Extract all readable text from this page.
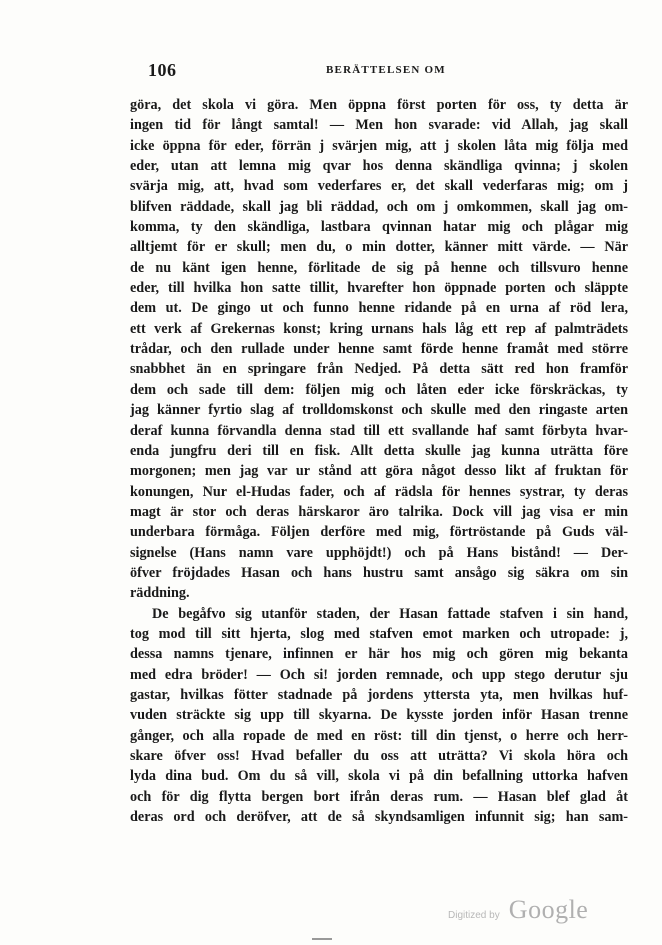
106	BERÄTTELSEN OM
göra, det skola vi göra. Men öppna först porten för oss, ty detta är
ingen tid för långt samtal! — Men hon svarade: vid Allah, jag skall
icke öppna för eder, förrän j svärjen mig, att j skolen låta mig följa med
eder, utan att lemna mig qvar hos denna skändliga qvinna; j skolen
svärja mig, att, hvad som vederfares er, det skall vederfaras mig; om j
blifven räddade, skall jag bli räddad, och om j omkommen, skall jag om-
komma, ty den skändliga, lastbara qvinnan hatar mig och plågar mig
alltjemt för er skull; men du, o min dotter, känner mitt värde. — När
de nu känt igen henne, förlitade de sig på henne och tillsvuro henne
eder, till hvilka hon satte tillit, hvarefter hon öppnade porten och släppte
dem ut. De gingo ut och funno henne ridande på en urna af röd lera,
ett verk af Grekernas konst; kring urnans hals låg ett rep af palmträdets
trådar, och den rullade under henne samt förde henne framåt med större
snabbhet än en springare från Nedjed. På detta sätt red hon framför
dem och sade till dem: följen mig och låten eder icke förskräckas, ty
jag känner fyrtio slag af trolldomskonst och skulle med den ringaste arten
deraf kunna förvandla denna stad till ett svallande haf samt förbyta hvar-
enda jungfru deri till en fisk. Allt detta skulle jag kunna uträtta före
morgonen; men jag var ur stånd att göra något desso likt af fruktan för
konungen, Nur el-Hudas fader, och af rädsla för hennes systrar, ty deras
magt är stor och deras härskaror äro talrika. Dock vill jag visa er min
underbara förmåga. Följen derföre med mig, förtröstande på Guds väl-
signelse (Hans namn vare upphöjdt!) och på Hans bistånd! — Der-
öfver fröjdades Hasan och hans hustru samt ansågo sig säkra om sin
räddning.
De begåfvo sig utanför staden, der Hasan fattade stafven i sin hand,
tog mod till sitt hjerta, slog med stafven emot marken och utropade: j,
dessa namns tjenare, infinnen er här hos mig och gören mig bekanta
med edra bröder! — Och si! jorden remnade, och upp stego derutur sju
gastar, hvilkas fötter stadnade på jordens yttersta yta, men hvilkas huf-
vuden sträckte sig upp till skyarna. De kysste jorden inför Hasan trenne
gånger, och alla ropade de med en röst: till din tjenst, o herre och herr-
skare öfver oss! Hvad befaller du oss att uträtta? Vi skola höra och
lyda dina bud. Om du så vill, skola vi på din befallning uttorka hafven
och för dig flytta bergen bort ifrån deras rum. — Hasan blef glad åt
deras ord och deröfver, att de så skyndsamligen infunnit sig; han sam-
Digitized by Google
